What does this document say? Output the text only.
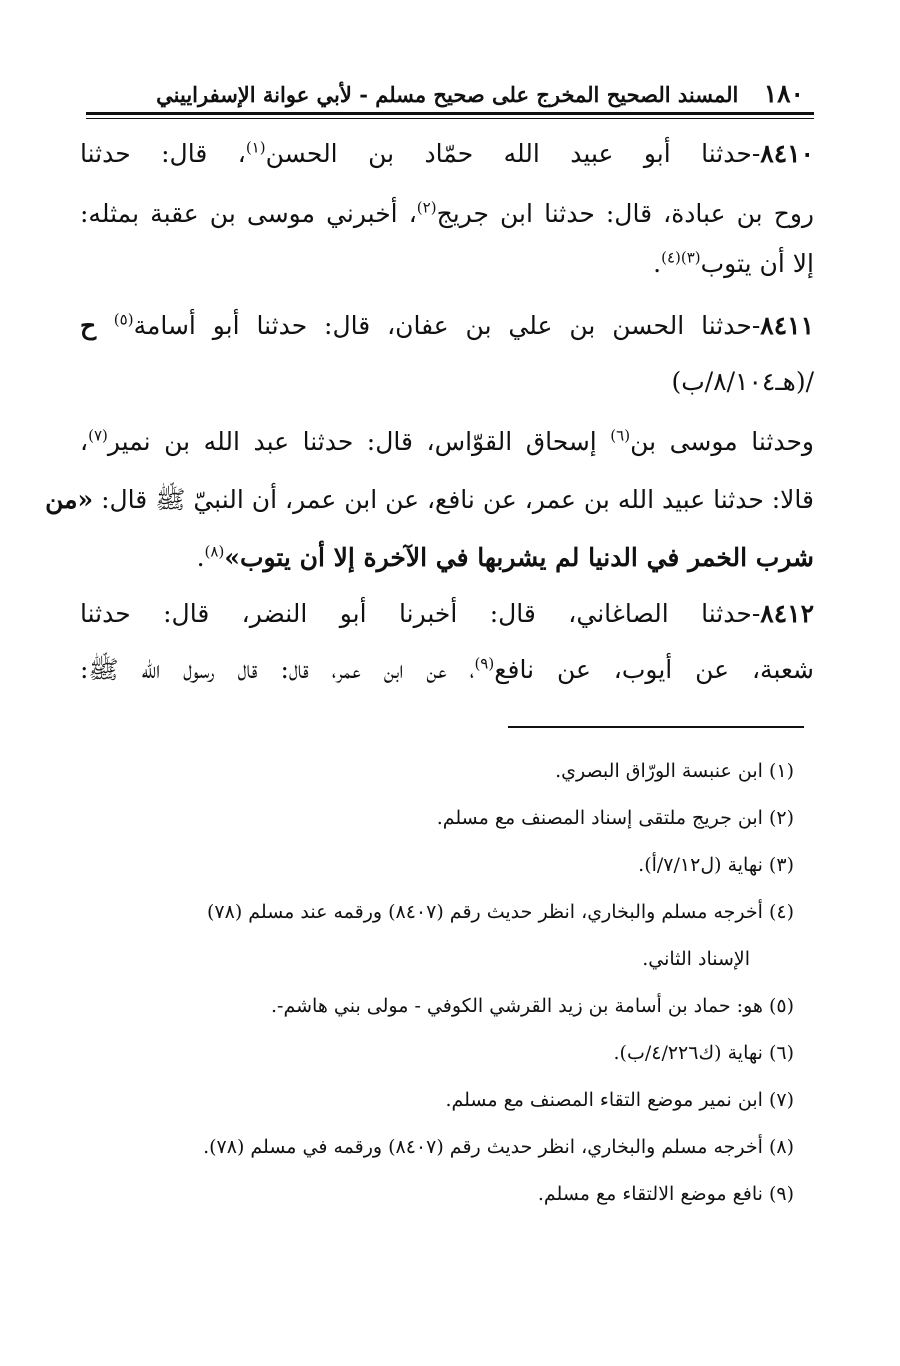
١٨٠ المسند الصحيح المخرج على صحيح مسلم - لأبي عوانة الإسفراييني
٨٤١٠-حدثنا أبو عبيد الله حمّاد بن الحسن$^{(١)}$، قال: حدثنا
روح بن عبادة، قال: حدثنا ابن جريج$^{(٢)}$، أخبرني موسى بن عقبة بمثله:
إلا أن يتوب$^{(٣)(٤)}$.
٨٤١١-حدثنا الحسن بن علي بن عفان، قال: حدثنا أبو أسامة$^{(٥)}$ ح
/(هـ٨/١٠٤/ب)
وحدثنا موسى بن$^{(٦)}$ إسحاق القوّاس، قال: حدثنا عبد الله بن نمير$^{(٧)}$،
قالا: حدثنا عبيد الله بن عمر، عن نافع، عن ابن عمر، أن النبيّ ﷺ قال: «من
شرب الخمر في الدنيا لم يشربها في الآخرة إلا أن يتوب»$^{(٨)}$.
٨٤١٢-حدثنا الصاغاني، قال: أخبرنا أبو النضر، قال: حدثنا
شعبة، عن أيوب، عن نافع$^{(٩)}$، عن ابن عمر، قال: قال رسول الله ﷺ:
(١) ابن عنبسة الورّاق البصري.
(٢) ابن جريج ملتقى إسناد المصنف مع مسلم.
(٣) نهاية (ل٧/١٢/أ).
(٤) أخرجه مسلم والبخاري، انظر حديث رقم (٨٤٠٧) ورقمه عند مسلم (٧٨)
الإسناد الثاني.
(٥) هو: حماد بن أسامة بن زيد القرشي الكوفي - مولى بني هاشم-.
(٦) نهاية (ك٤/٢٢٦/ب).
(٧) ابن نمير موضع التقاء المصنف مع مسلم.
(٨) أخرجه مسلم والبخاري، انظر حديث رقم (٨٤٠٧) ورقمه في مسلم (٧٨).
(٩) نافع موضع الالتقاء مع مسلم.
